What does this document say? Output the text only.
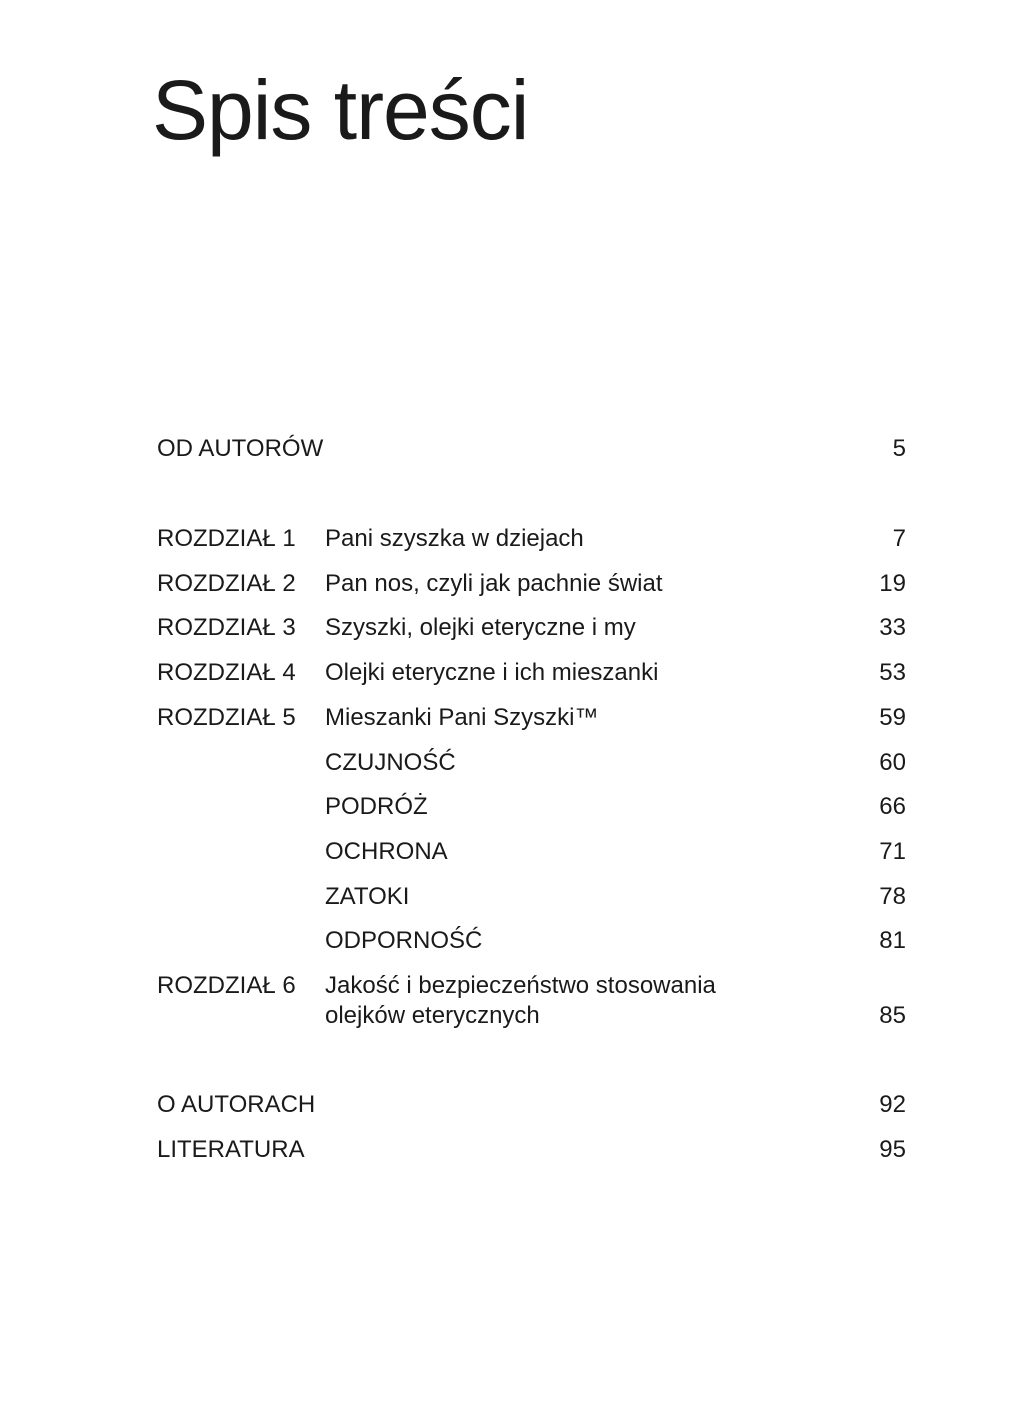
Spis treści
OD AUTORÓW	5
ROZDZIAŁ 1 Pani szyszka w dziejach	7
ROZDZIAŁ 2 Pan nos, czyli jak pachnie świat	19
ROZDZIAŁ 3 Szyszki, olejki eteryczne i my	33
ROZDZIAŁ 4 Olejki eteryczne i ich mieszanki	53
ROZDZIAŁ 5 Mieszanki Pani Szyszki™	59
CZUJNOŚĆ	60
PODRÓŻ	66
OCHRONA	71
ZATOKI	78
ODPORNOŚĆ	81
ROZDZIAŁ 6 Jakość i bezpieczeństwo stosowania
olejków eterycznych	85
O AUTORACH	92
LITERATURA	95
